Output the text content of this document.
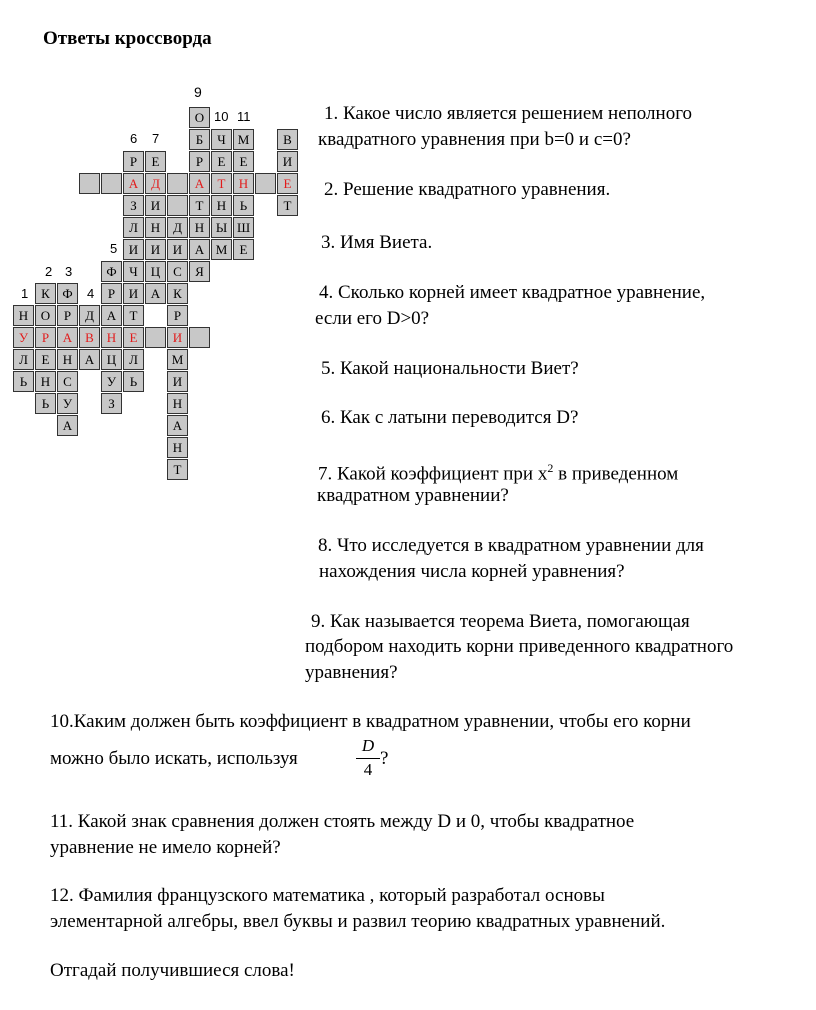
Ответы кроссворда
9
10 11
6 7
5
2 3
1	4
О
Б	Ч М	В
Р	Е	Р	Е	Е	И
А Д	А	Т	Н	Е
З	И	Т	Н	Ь	Т
Л Н Д Н Ы Ш
И И И А М Е
Ф Ч	Ц С	Я
К Ф	Р	И А К
Н О	Р	Д А	Т	Р
У	Р	А В Н	Е	И
Л	Е	Н А Ц Л	М
Ь	Н С	У	Ь	И
Ь	У	З	Н
А	А
Н
Т
1. Какое число является решением неполного
квадратного уравнения при b=0 и c=0?
2. Решение квадратного уравнения.
3. Имя Виета.
4. Сколько корней имеет квадратное уравнение,
если его D>0?
5. Какой национальности Виет?
6. Как с латыни переводится D?
7. Какой коэффициент при $x^2$ в приведенном
квадратном уравнении?
8. Что исследуется в квадратном уравнении для
нахождения числа корней уравнения?
9. Как называется теорема Виета, помогающая
подбором находить корни приведенного квадратного
уравнения?
10.Каким должен быть коэффициент в квадратном уравнении, чтобы его корни
можно было искать, используя
D
4
?
11. Какой знак сравнения должен стоять между D и 0, чтобы квадратное
уравнение не имело корней?
12. Фамилия французского математика , который разработал основы
элементарной алгебры, ввел буквы и развил теорию квадратных уравнений.
Отгадай получившиеся слова!
